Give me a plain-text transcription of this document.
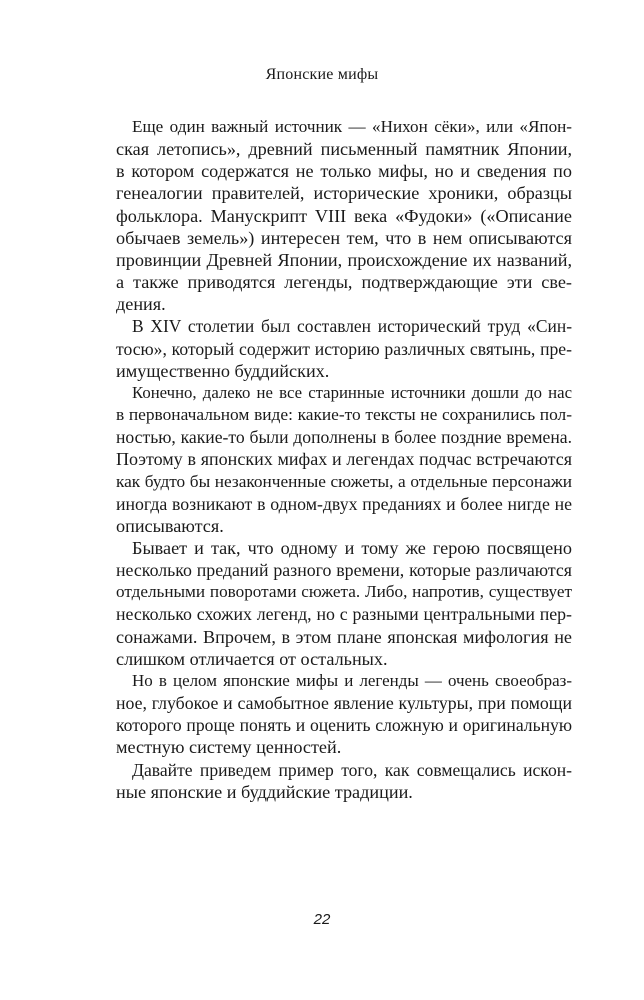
Японские мифы
Еще один важный источник — «Нихон сёки», или «Япон-
ская летопись», древний письменный памятник Японии,
в котором содержатся не только мифы, но и сведения по
генеалогии правителей, исторические хроники, образцы
фольклора. Манускрипт VIII века «Фудоки» («Описание
обычаев земель») интересен тем, что в нем описываются
провинции Древней Японии, происхождение их названий,
а также приводятся легенды, подтверждающие эти све-
дения.
В XIV столетии был составлен исторический труд «Син-
тосю», который содержит историю различных святынь, пре-
имущественно буддийских.
Конечно, далеко не все старинные источники дошли до нас
в первоначальном виде: какие-то тексты не сохранились пол-
ностью, какие-то были дополнены в более поздние времена.
Поэтому в японских мифах и легендах подчас встречаются
как будто бы незаконченные сюжеты, а отдельные персонажи
иногда возникают в одном-двух преданиях и более нигде не
описываются.
Бывает и так, что одному и тому же герою посвящено
несколько преданий разного времени, которые различаются
отдельными поворотами сюжета. Либо, напротив, существует
несколько схожих легенд, но с разными центральными пер-
сонажами. Впрочем, в этом плане японская мифология не
слишком отличается от остальных.
Но в целом японские мифы и легенды — очень своеобраз-
ное, глубокое и самобытное явление культуры, при помощи
которого проще понять и оценить сложную и оригинальную
местную систему ценностей.
Давайте приведем пример того, как совмещались искон-
ные японские и буддийские традиции.
22
